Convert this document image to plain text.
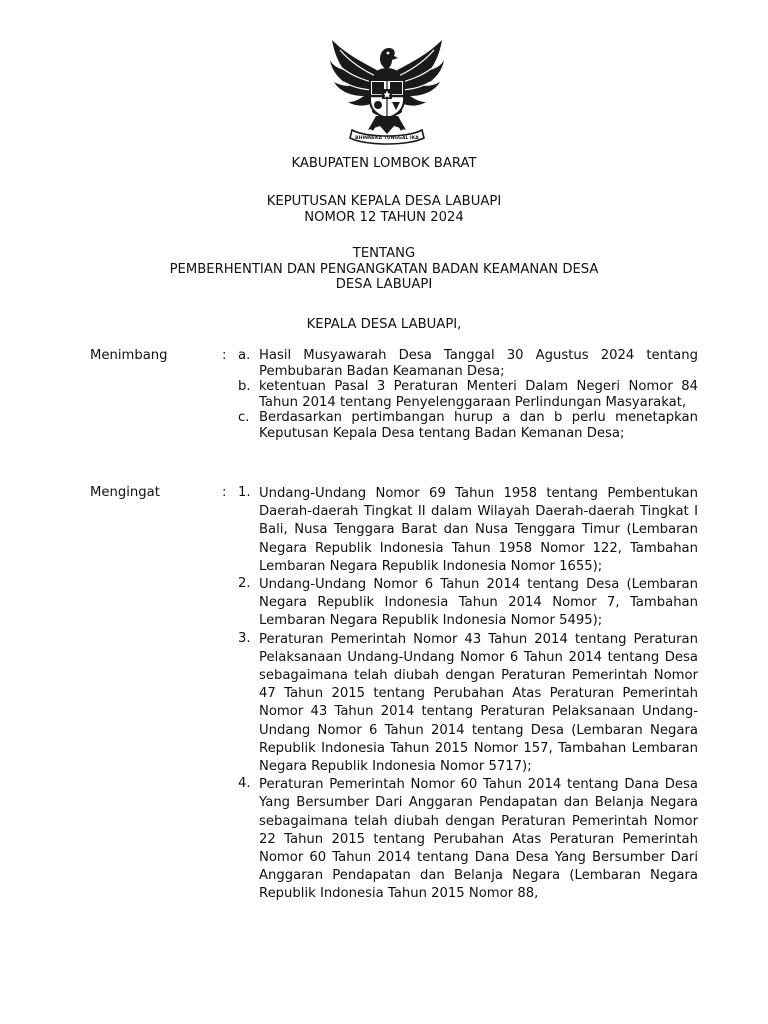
BHINNEKA TUNGGAL IKA
KABUPATEN LOMBOK BARAT
KEPUTUSAN KEPALA DESA LABUAPI
NOMOR 12 TAHUN 2024
TENTANG
PEMBERHENTIAN DAN PENGANGKATAN BADAN KEAMANAN DESA
DESA LABUAPI
KEPALA DESA LABUAPI,
Menimbang	: a. Hasil Musyawarah Desa Tanggal 30 Agustus 2024 tentang Pembubaran Badan Keamanan Desa;
b. ketentuan Pasal 3 Peraturan Menteri Dalam Negeri Nomor 84 Tahun 2014 tentang Penyelenggaraan Perlindungan Masyarakat,
c. Berdasarkan pertimbangan hurup a dan b perlu menetapkan Keputusan Kepala Desa tentang Badan Kemanan Desa;
Mengingat	: 1. Undang-Undang Nomor 69 Tahun 1958 tentang Pembentukan Daerah-daerah Tingkat II dalam Wilayah Daerah-daerah Tingkat I Bali, Nusa Tenggara Barat dan Nusa Tenggara Timur (Lembaran Negara Republik Indonesia Tahun 1958 Nomor 122, Tambahan Lembaran Negara Republik Indonesia Nomor 1655);
2. Undang-Undang Nomor 6 Tahun 2014 tentang Desa (Lembaran Negara Republik Indonesia Tahun 2014 Nomor 7, Tambahan Lembaran Negara Republik Indonesia Nomor 5495);
3. Peraturan Pemerintah Nomor 43 Tahun 2014 tentang Peraturan Pelaksanaan Undang-Undang Nomor 6 Tahun 2014 tentang Desa sebagaimana telah diubah dengan Peraturan Pemerintah Nomor 47 Tahun 2015 tentang Perubahan Atas Peraturan Pemerintah Nomor 43 Tahun 2014 tentang Peraturan Pelaksanaan Undang-Undang Nomor 6 Tahun 2014 tentang Desa (Lembaran Negara Republik Indonesia Tahun 2015 Nomor 157, Tambahan Lembaran Negara Republik Indonesia Nomor 5717);
4. Peraturan Pemerintah Nomor 60 Tahun 2014 tentang Dana Desa Yang Bersumber Dari Anggaran Pendapatan dan Belanja Negara sebagaimana telah diubah dengan Peraturan Pemerintah Nomor 22 Tahun 2015 tentang Perubahan Atas Peraturan Pemerintah Nomor 60 Tahun 2014 tentang Dana Desa Yang Bersumber Dari Anggaran Pendapatan dan Belanja Negara (Lembaran Negara Republik Indonesia Tahun 2015 Nomor 88,
